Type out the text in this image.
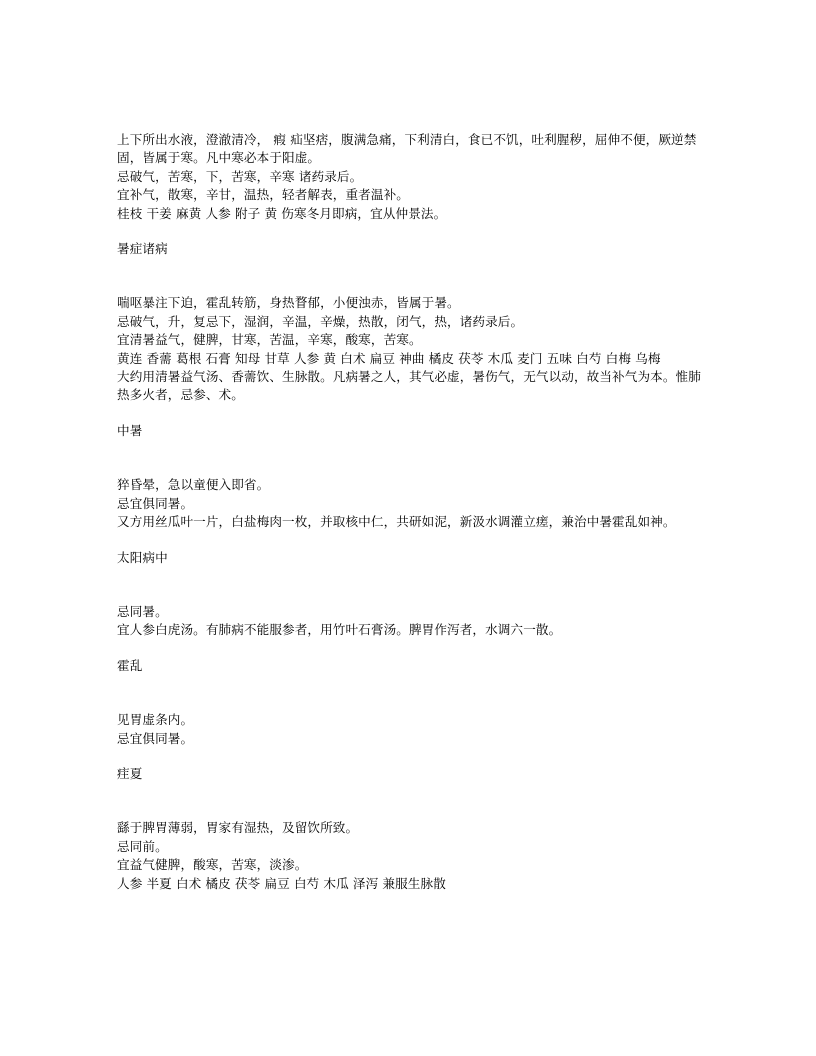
上下所出水液，澄澈清冷， 瘕 疝坚痞，腹满急痛，下利清白，食已不饥，吐利腥秽，屈伸不便，厥逆禁固，皆属于寒。凡中寒必本于阳虚。

忌破气，苦寒，下，苦寒，辛寒 诸药录后。

宜补气，散寒，辛甘，温热，轻者解表，重者温补。

桂枝 干姜 麻黄 人参 附子 黄 伤寒冬月即病，宜从仲景法。

暑症诸病

喘呕暴注下迫，霍乱转筋，身热瞀郁，小便浊赤，皆属于暑。

忌破气，升，复忌下，湿润，辛温，辛燥，热散，闭气，热，诸药录后。

宜清暑益气，健脾，甘寒，苦温，辛寒，酸寒，苦寒。

黄连 香薷 葛根 石膏 知母 甘草 人参 黄 白术 扁豆 神曲 橘皮 茯苓 木瓜 麦门 五味 白芍 白梅 乌梅

大约用清暑益气汤、香薷饮、生脉散。凡病暑之人，其气必虚，暑伤气，无气以动，故当补气为本。惟肺热多火者，忌参、术。

中暑

猝昏晕，急以童便入即省。

忌宜俱同暑。

又方用丝瓜叶一片，白盐梅肉一枚，并取核中仁，共研如泥，新汲水调灌立瘥，兼治中暑霍乱如神。

太阳病中

忌同暑。

宜人参白虎汤。有肺病不能服参者，用竹叶石膏汤。脾胃作泻者，水调六一散。

霍乱

见胃虚条内。

忌宜俱同暑。

疰夏

繇于脾胃薄弱，胃家有湿热，及留饮所致。

忌同前。

宜益气健脾，酸寒，苦寒，淡渗。

人参 半夏 白术 橘皮 茯苓 扁豆 白芍 木瓜 泽泻 兼服生脉散
